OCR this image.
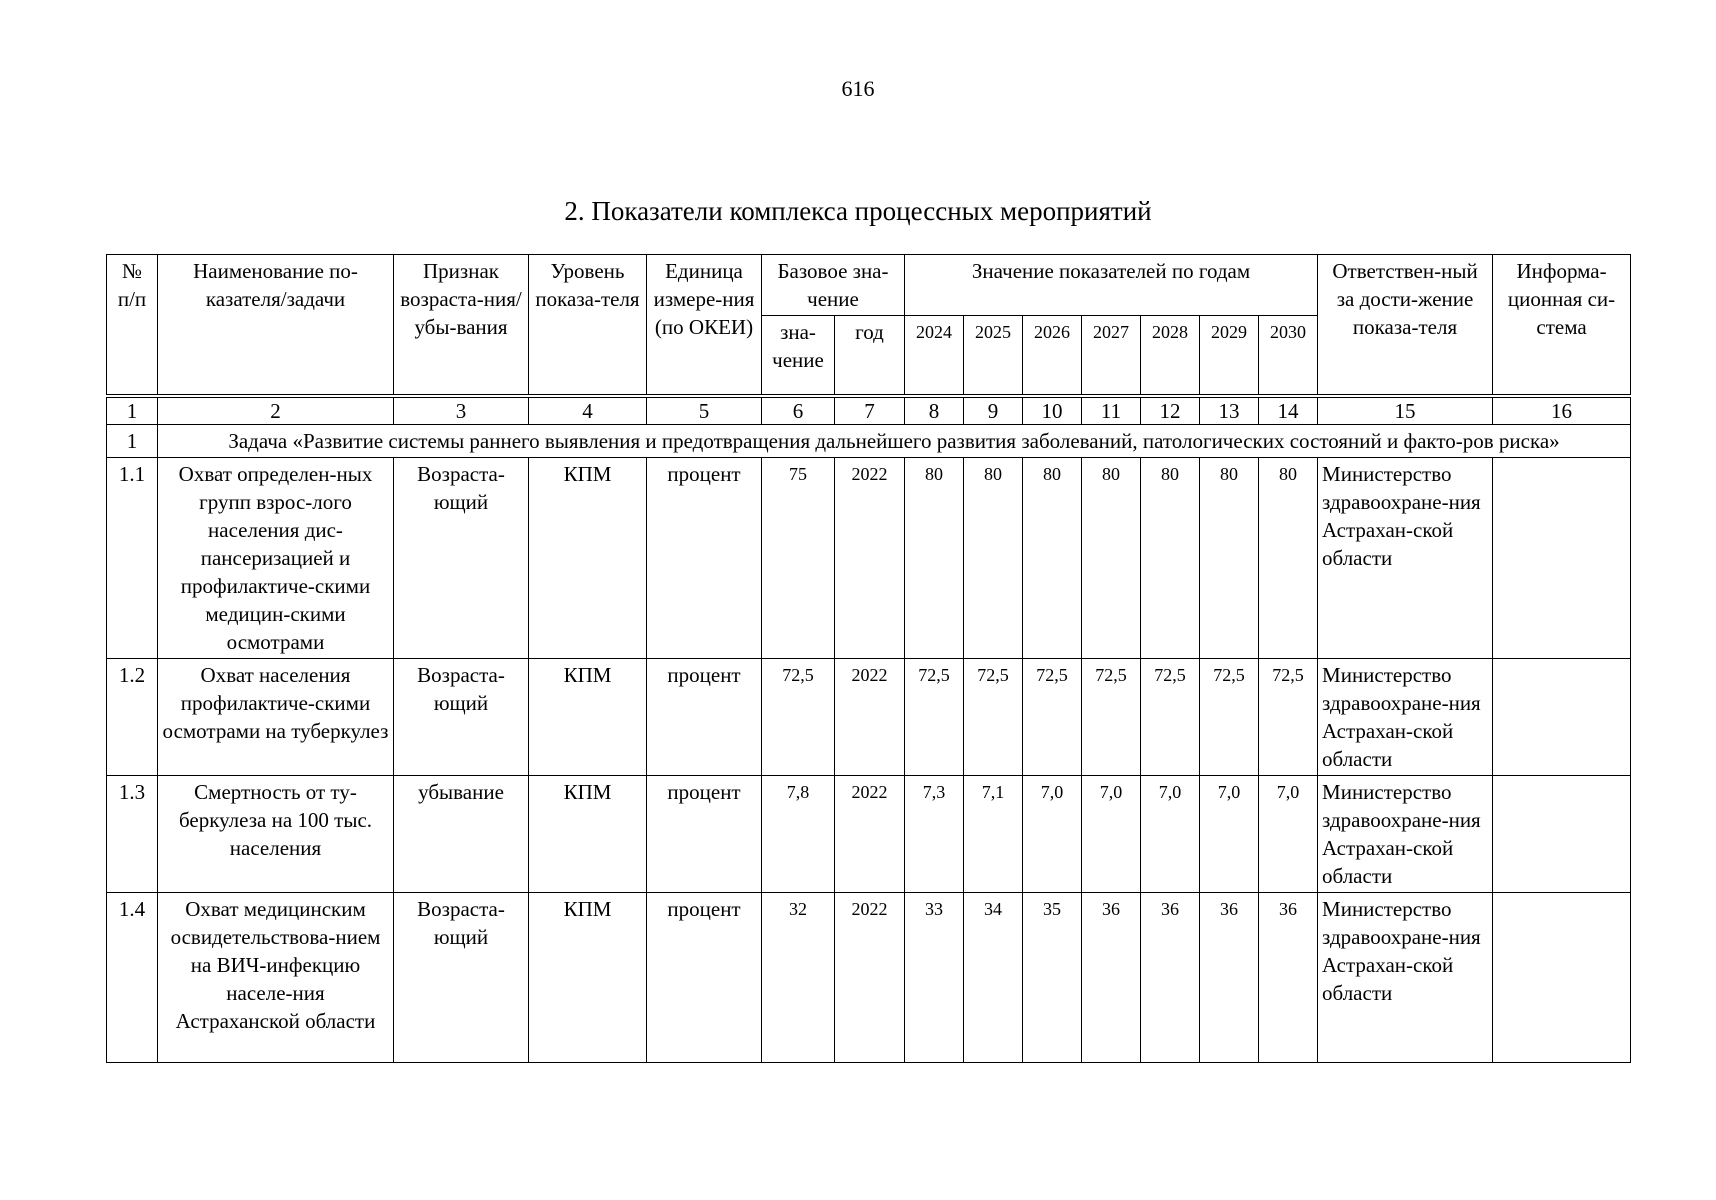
616
2. Показатели комплекса процессных мероприятий
№ п/п	Наименование по-казателя/задачи	Признак возраста-ния/убы-вания	Уровень показа-теля	Единица измере-ния (по ОКЕИ)	Базовое зна-чение		Значение показателей по годам							Ответствен-ный за дости-жение показа-теля	Информа-ционная си-стема
					зна-чение	год	2024	2025	2026	2027	2028	2029	2030		
1	2	3	4	5	6	7	8	9	10	11	12	13	14	15	16
1	Задача «Развитие системы раннего выявления и предотвращения дальнейшего развития заболеваний, патологических состояний и факто-ров риска»														
1.1	Охват определен-ных групп взрос-лого населения дис-пансеризацией и профилактиче-скими медицин-скими осмотрами	Возраста-ющий	КПМ	процент	75	2022	80	80	80	80	80	80	80	Министерство здравоохране-ния Астрахан-ской области	
1.2	Охват населения профилактиче-скими осмотрами на туберкулез	Возраста-ющий	КПМ	процент	72,5	2022	72,5	72,5	72,5	72,5	72,5	72,5	72,5	Министерство здравоохране-ния Астрахан-ской области	
1.3	Смертность от ту-беркулеза на 100 тыс. населения	убывание	КПМ	процент	7,8	2022	7,3	7,1	7,0	7,0	7,0	7,0	7,0	Министерство здравоохране-ния Астрахан-ской области	
1.4	Охват медицинским освидетельствова-нием на ВИЧ-инфекцию населе-ния Астраханской области	Возраста-ющий	КПМ	процент	32	2022	33	34	35	36	36	36	36	Министерство здравоохране-ния Астрахан-ской области	
